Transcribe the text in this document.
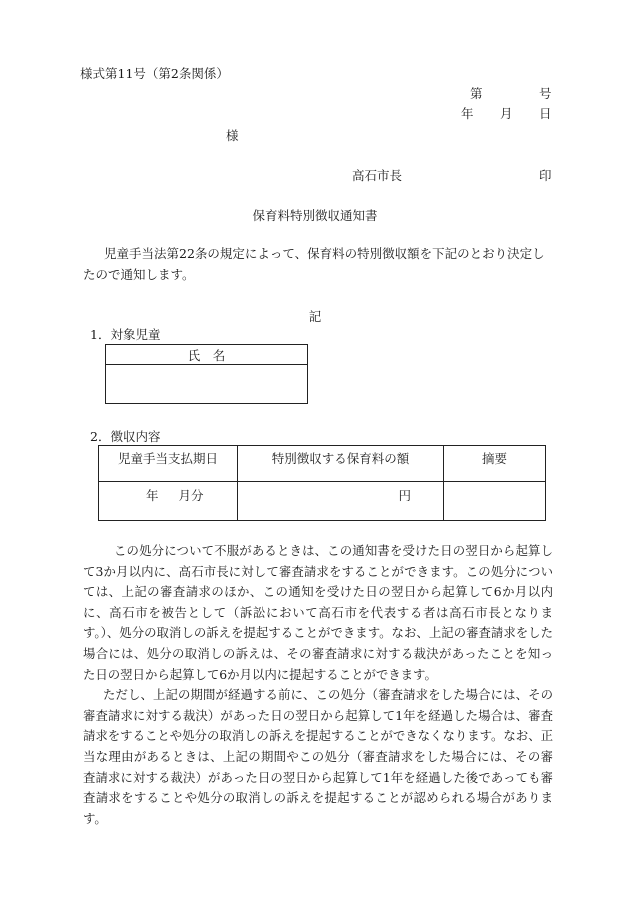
様式第11号（第2条関係）
第	号
年 月 日
様
高石市長	印
保育料特別徴収通知書
児童手当法第22条の規定によって、保育料の特別徴収額を下記のとおり決定したので通知します。
記
1．対象児童
氏　名

2．徴収内容
児童手当支払期日	特別徴収する保育料の額	摘要
年 月分	円	

この処分について不服があるときは、この通知書を受けた日の翌日から起算して3か月以内に、高石市長に対して審査請求をすることができます。この処分については、上記の審査請求のほか、この通知を受けた日の翌日から起算して6か月以内に、高石市を被告として（訴訟において高石市を代表する者は高石市長となります。）、処分の取消しの訴えを提起することができます。なお、上記の審査請求をした場合には、処分の取消しの訴えは、その審査請求に対する裁決があったことを知った日の翌日から起算して6か月以内に提起することができます。

ただし、上記の期間が経過する前に、この処分（審査請求をした場合には、その審査請求に対する裁決）があった日の翌日から起算して1年を経過した場合は、審査請求をすることや処分の取消しの訴えを提起することができなくなります。なお、正当な理由があるときは、上記の期間やこの処分（審査請求をした場合には、その審査請求に対する裁決）があった日の翌日から起算して1年を経過した後であっても審査請求をすることや処分の取消しの訴えを提起することが認められる場合があります。
